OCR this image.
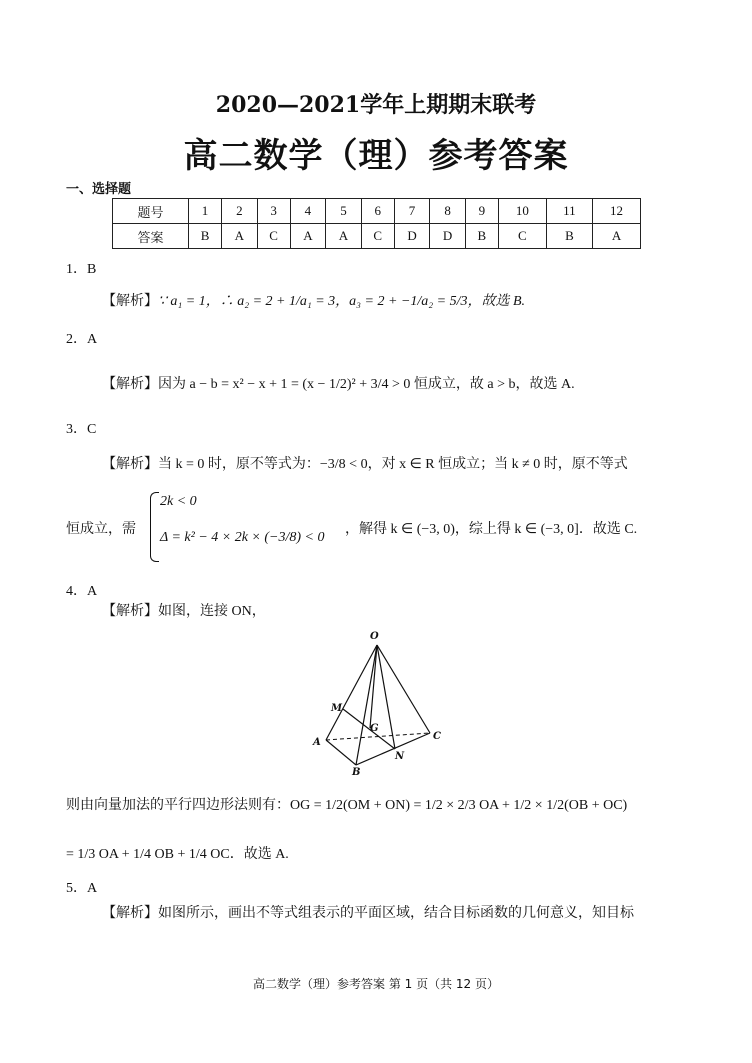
2020—2021学年上期期末联考
高二数学（理）参考答案
一、选择题
题号	1	2	3	4	5	6	7	8	9	10	11	12
答案	B	A	C	A	A	C	D	D	B	C	B	A
1．B
【解析】∵ a₁ = 1，∴ a₂ = 2 + 1/a₁ = 3，a₃ = 2 + −1/a₂ = 5/3，故选 B.
2．A
【解析】因为 a − b = x² − x + 1 = (x − 1/2)² + 3/4 > 0 恒成立，故 a > b，故选 A.
3．C
【解析】当 k = 0 时，原不等式为：−3/8 < 0，对 x ∈ R 恒成立；当 k ≠ 0 时，原不等式
恒成立，需
2k < 0
Δ = k² − 4 × 2k × (−3/8) < 0
，解得 k ∈ (−3, 0)，综上得 k ∈ (−3, 0]．故选 C.
4．A
【解析】如图，连接 ON，
O
M
G
A
B
C
N
则由向量加法的平行四边形法则有：OG = 1/2(OM + ON) = 1/2 × 2/3 OA + 1/2 × 1/2(OB + OC)
= 1/3 OA + 1/4 OB + 1/4 OC．故选 A.
5．A
【解析】如图所示，画出不等式组表示的平面区域，结合目标函数的几何意义，知目标
高二数学（理）参考答案 第 1 页（共 12 页）
